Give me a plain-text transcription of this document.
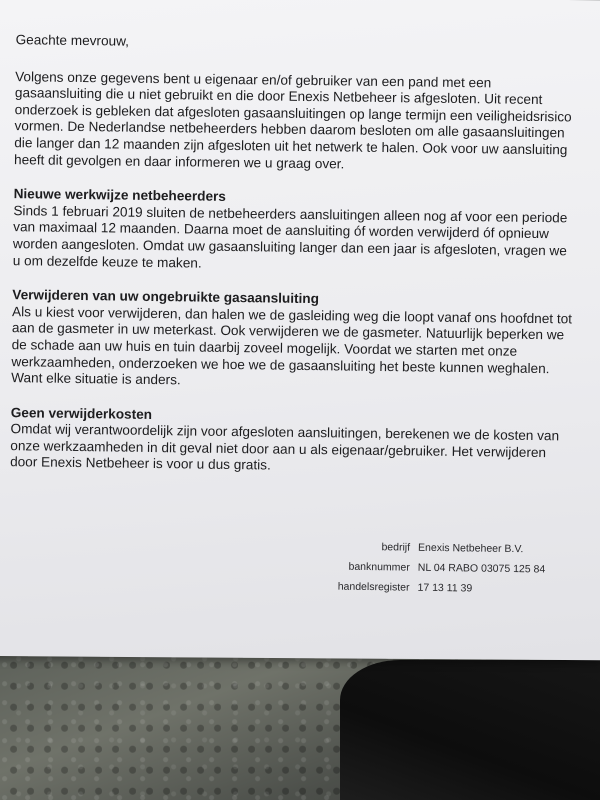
Geachte mevrouw,

Volgens onze gegevens bent u eigenaar en/of gebruiker van een pand met een gasaansluiting die u niet gebruikt en die door Enexis Netbeheer is afgesloten. Uit recent onderzoek is gebleken dat afgesloten gasaansluitingen op lange termijn een veiligheidsrisico vormen. De Nederlandse netbeheerders hebben daarom besloten om alle gasaansluitingen die langer dan 12 maanden zijn afgesloten uit het netwerk te halen. Ook voor uw aansluiting heeft dit gevolgen en daar informeren we u graag over.

Nieuwe werkwijze netbeheerders

Sinds 1 februari 2019 sluiten de netbeheerders aansluitingen alleen nog af voor een periode van maximaal 12 maanden. Daarna moet de aansluiting óf worden verwijderd óf opnieuw worden aangesloten. Omdat uw gasaansluiting langer dan een jaar is afgesloten, vragen we u om dezelfde keuze te maken.

Verwijderen van uw ongebruikte gasaansluiting

Als u kiest voor verwijderen, dan halen we de gasleiding weg die loopt vanaf ons hoofdnet tot aan de gasmeter in uw meterkast. Ook verwijderen we de gasmeter. Natuurlijk beperken we de schade aan uw huis en tuin daarbij zoveel mogelijk. Voordat we starten met onze werkzaamheden, onderzoeken we hoe we de gasaansluiting het beste kunnen weghalen. Want elke situatie is anders.

Geen verwijderkosten

Omdat wij verantwoordelijk zijn voor afgesloten aansluitingen, berekenen we de kosten van onze werkzaamheden in dit geval niet door aan u als eigenaar/gebruiker. Het verwijderen door Enexis Netbeheer is voor u dus gratis.

bedrijf Enexis Netbeheer B.V.
banknummer NL 04 RABO 03075 125 84
handelsregister 17 13 11 39
